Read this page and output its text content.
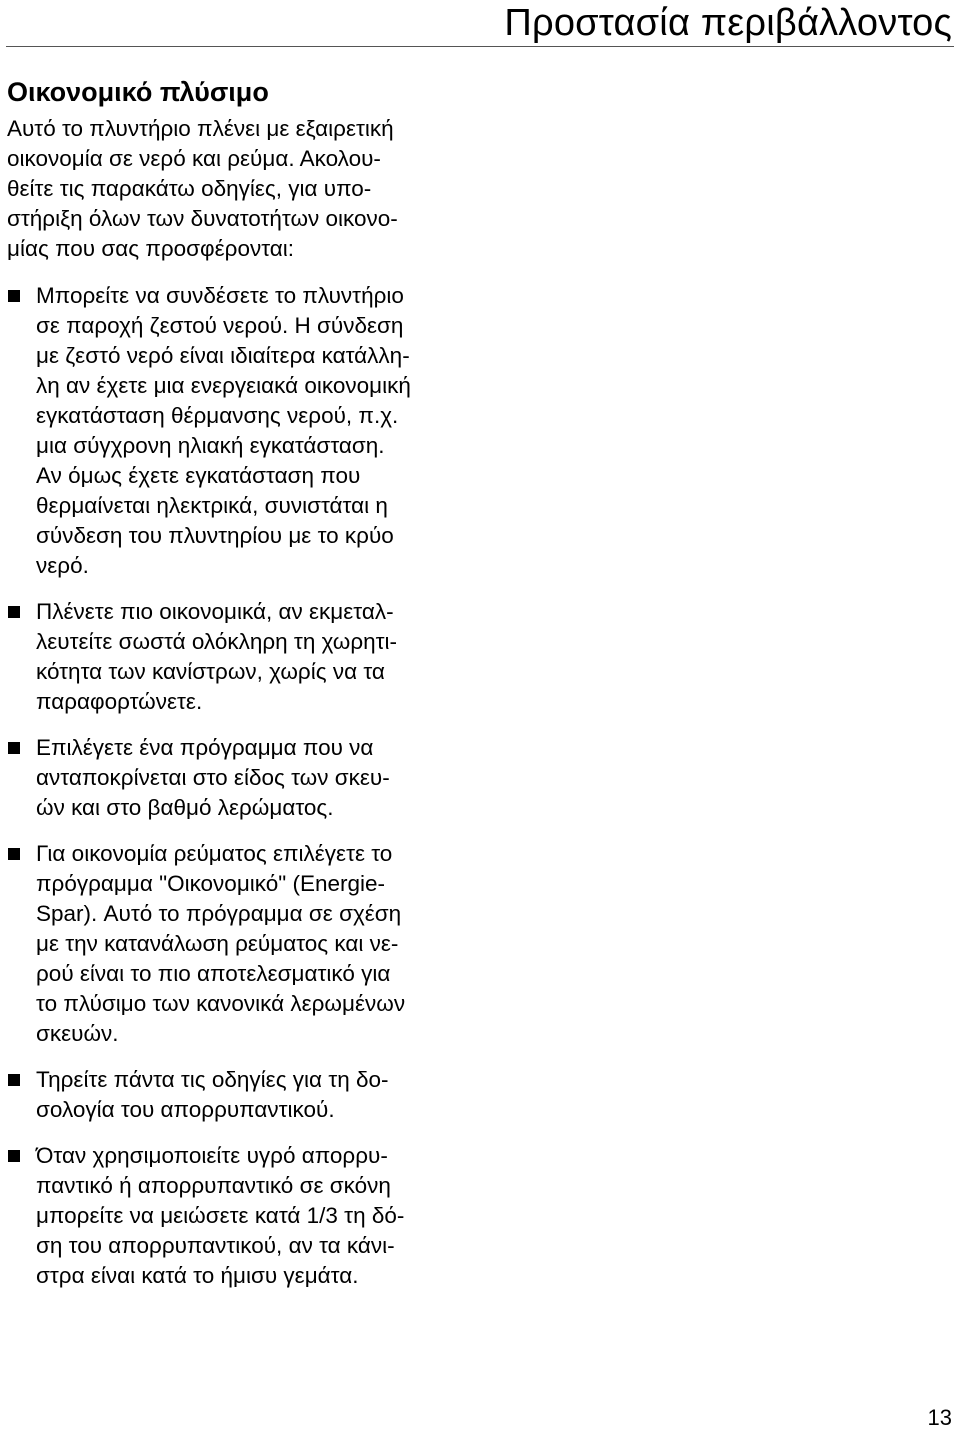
Προστασία περιβάλλοντος
Οικονομικό πλύσιμο
Αυτό το πλυντήριο πλένει με εξαιρετική
οικονομία σε νερό και ρεύμα. Ακολου-
θείτε τις παρακάτω οδηγίες, για υπο-
στήριξη όλων των δυνατοτήτων οικονο-
μίας που σας προσφέρονται:
Μπορείτε να συνδέσετε το πλυντήριο
σε παροχή ζεστού νερού. Η σύνδεση
με ζεστό νερό είναι ιδιαίτερα κατάλλη-
λη αν έχετε μια ενεργειακά οικονομική
εγκατάσταση θέρμανσης νερού, π.χ.
μια σύγχρονη ηλιακή εγκατάσταση.
Αν όμως έχετε εγκατάσταση που
θερμαίνεται ηλεκτρικά, συνιστάται η
σύνδεση του πλυντηρίου με το κρύο
νερό.
Πλένετε πιο οικονομικά, αν εκμεταλ-
λευτείτε σωστά ολόκληρη τη χωρητι-
κότητα των κανίστρων, χωρίς να τα
παραφορτώνετε.
Επιλέγετε ένα πρόγραμμα που να
ανταποκρίνεται στο είδος των σκευ-
ών και στο βαθμό λερώματος.
Για οικονομία ρεύματος επιλέγετε το
πρόγραμμα "Οικονομικό" (Energie-
Spar). Αυτό το πρόγραμμα σε σχέση
με την κατανάλωση ρεύματος και νε-
ρού είναι το πιο αποτελεσματικό για
το πλύσιμο των κανονικά λερωμένων
σκευών.
Τηρείτε πάντα τις οδηγίες για τη δο-
σολογία του απορρυπαντικού.
Όταν χρησιμοποιείτε υγρό απορρυ-
παντικό ή απορρυπαντικό σε σκόνη
μπορείτε να μειώσετε κατά 1/3 τη δό-
ση του απορρυπαντικού, αν τα κάνι-
στρα είναι κατά το ήμισυ γεμάτα.
13
